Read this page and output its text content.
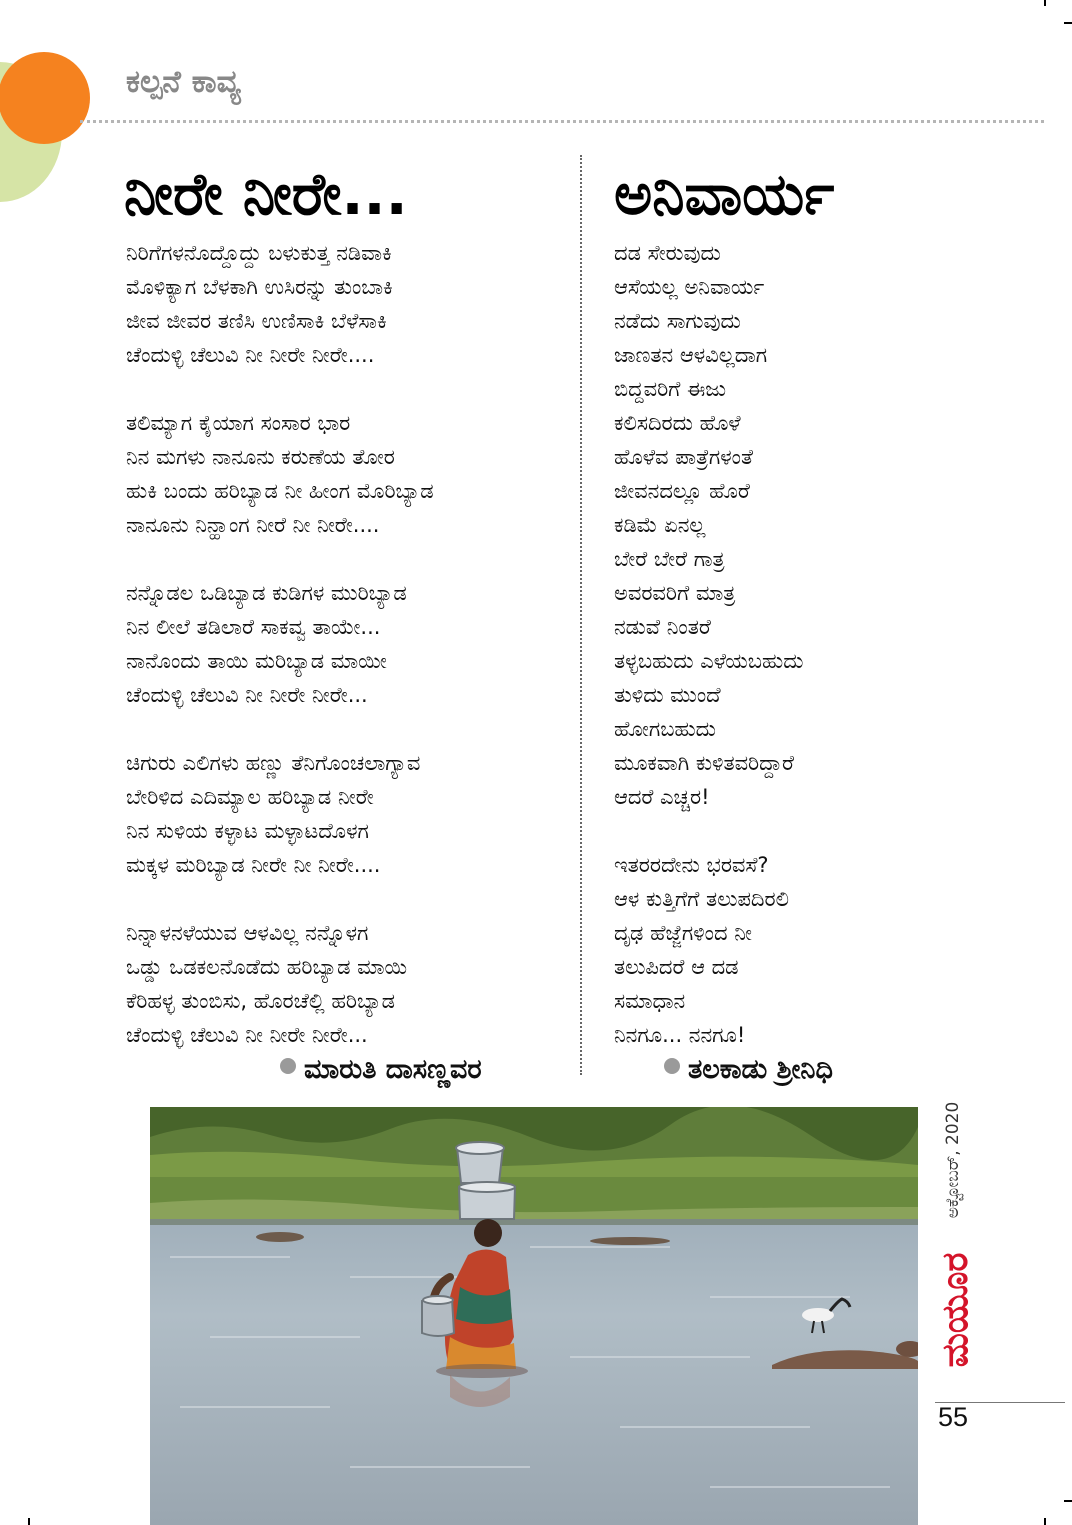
ಕಲ್ಪನೆ ಕಾವ್ಯ
ನೀರೇ ನೀರೇ...	ಅನಿವಾರ್ಯ
ನಿರಿಗೆಗಳನೊದ್ದೊದ್ದು ಬಳುಕುತ್ತ ನಡಿವಾಕಿ
ಮೊಳಿಕ್ಯಾಗ ಬೆಳಕಾಗಿ ಉಸಿರನ್ನು ತುಂಬಾಕಿ
ಜೀವ ಜೀವರ ತಣಿಸಿ ಉಣಿಸಾಕಿ ಬೆಳೆಸಾಕಿ
ಚೆಂದುಳ್ಳಿ ಚೆಲುವಿ ನೀ ನೀರೇ ನೀರೇ....
ತಲಿಮ್ಯಾಗ ಕೈಯಾಗ ಸಂಸಾರ ಭಾರ
ನಿನ ಮಗಳು ನಾನೂನು ಕರುಣೆಯ ತೋರ
ಹುಕಿ ಬಂದು ಹರಿಬ್ಯಾಡ ನೀ ಹೀಂಗ ಮೊರಿಬ್ಯಾಡ
ನಾನೂನು ನಿನ್ಹಾಂಗ ನೀರೆ ನೀ ನೀರೇ....
ನನ್ನೊಡಲ ಒಡಿಬ್ಯಾಡ ಕುಡಿಗಳ ಮುರಿಬ್ಯಾಡ
ನಿನ ಲೀಲೆ ತಡಿಲಾರೆ ಸಾಕವ್ವ ತಾಯೇ...
ನಾನೊಂದು ತಾಯಿ ಮರಿಬ್ಯಾಡ ಮಾಯೀ
ಚೆಂದುಳ್ಳಿ ಚೆಲುವಿ ನೀ ನೀರೇ ನೀರೇ...
ಚಿಗುರು ಎಲಿಗಳು ಹಣ್ಣು ತೆನಿಗೊಂಚಲಾಗ್ಯಾವ
ಬೇರಿಳಿದ ಎದಿಮ್ಯಾಲ ಹರಿಬ್ಯಾಡ ನೀರೇ
ನಿನ ಸುಳಿಯ ಕಳ್ಳಾಟ ಮಳ್ಳಾಟದೊಳಗ
ಮಕ್ಕಳ ಮರಿಬ್ಯಾಡ ನೀರೇ ನೀ ನೀರೇ....
ನಿನ್ನಾಳನಳೆಯುವ ಆಳವಿಲ್ಲ ನನ್ನೊಳಗ
ಒಡ್ಡು ಒಡಕಲನೊಡೆದು ಹರಿಬ್ಯಾಡ ಮಾಯಿ
ಕೆರಿಹಳ್ಳ ತುಂಬಿಸು, ಹೊರಚೆಲ್ಲಿ ಹರಿಬ್ಯಾಡ
ಚೆಂದುಳ್ಳಿ ಚೆಲುವಿ ನೀ ನೀರೇ ನೀರೇ...
ದಡ ಸೇರುವುದು
ಆಸೆಯಲ್ಲ ಅನಿವಾರ್ಯ
ನಡೆದು ಸಾಗುವುದು
ಜಾಣತನ ಆಳವಿಲ್ಲದಾಗ
ಬಿದ್ದವರಿಗೆ ಈಜು
ಕಲಿಸದಿರದು ಹೊಳೆ
ಹೊಳೆವ ಪಾತ್ರೆಗಳಂತೆ
ಜೀವನದಲ್ಲೂ ಹೊರೆ
ಕಡಿಮೆ ಏನಲ್ಲ
ಬೇರೆ ಬೇರೆ ಗಾತ್ರ
ಅವರವರಿಗೆ ಮಾತ್ರ
ನಡುವೆ ನಿಂತರೆ
ತಳ್ಳಬಹುದು ಎಳೆಯಬಹುದು
ತುಳಿದು ಮುಂದೆ
ಹೋಗಬಹುದು
ಮೂಕವಾಗಿ ಕುಳಿತವರಿದ್ದಾರೆ
ಆದರೆ ಎಚ್ಚರ!
ಇತರರದೇನು ಭರವಸೆ?
ಆಳ ಕುತ್ತಿಗೆಗೆ ತಲುಪದಿರಲಿ
ದೃಢ ಹೆಜ್ಜೆಗಳಿಂದ ನೀ
ತಲುಪಿದರೆ ಆ ದಡ
ಸಮಾಧಾನ
ನಿನಗೂ... ನನಗೂ!
ಮಾರುತಿ ದಾಸಣ್ಣವರ	ತಲಕಾಡು ಶ್ರೀನಿಧಿ
ಅಕ್ಟೋಬರ್, 2020
ಮಯೂರ
55
